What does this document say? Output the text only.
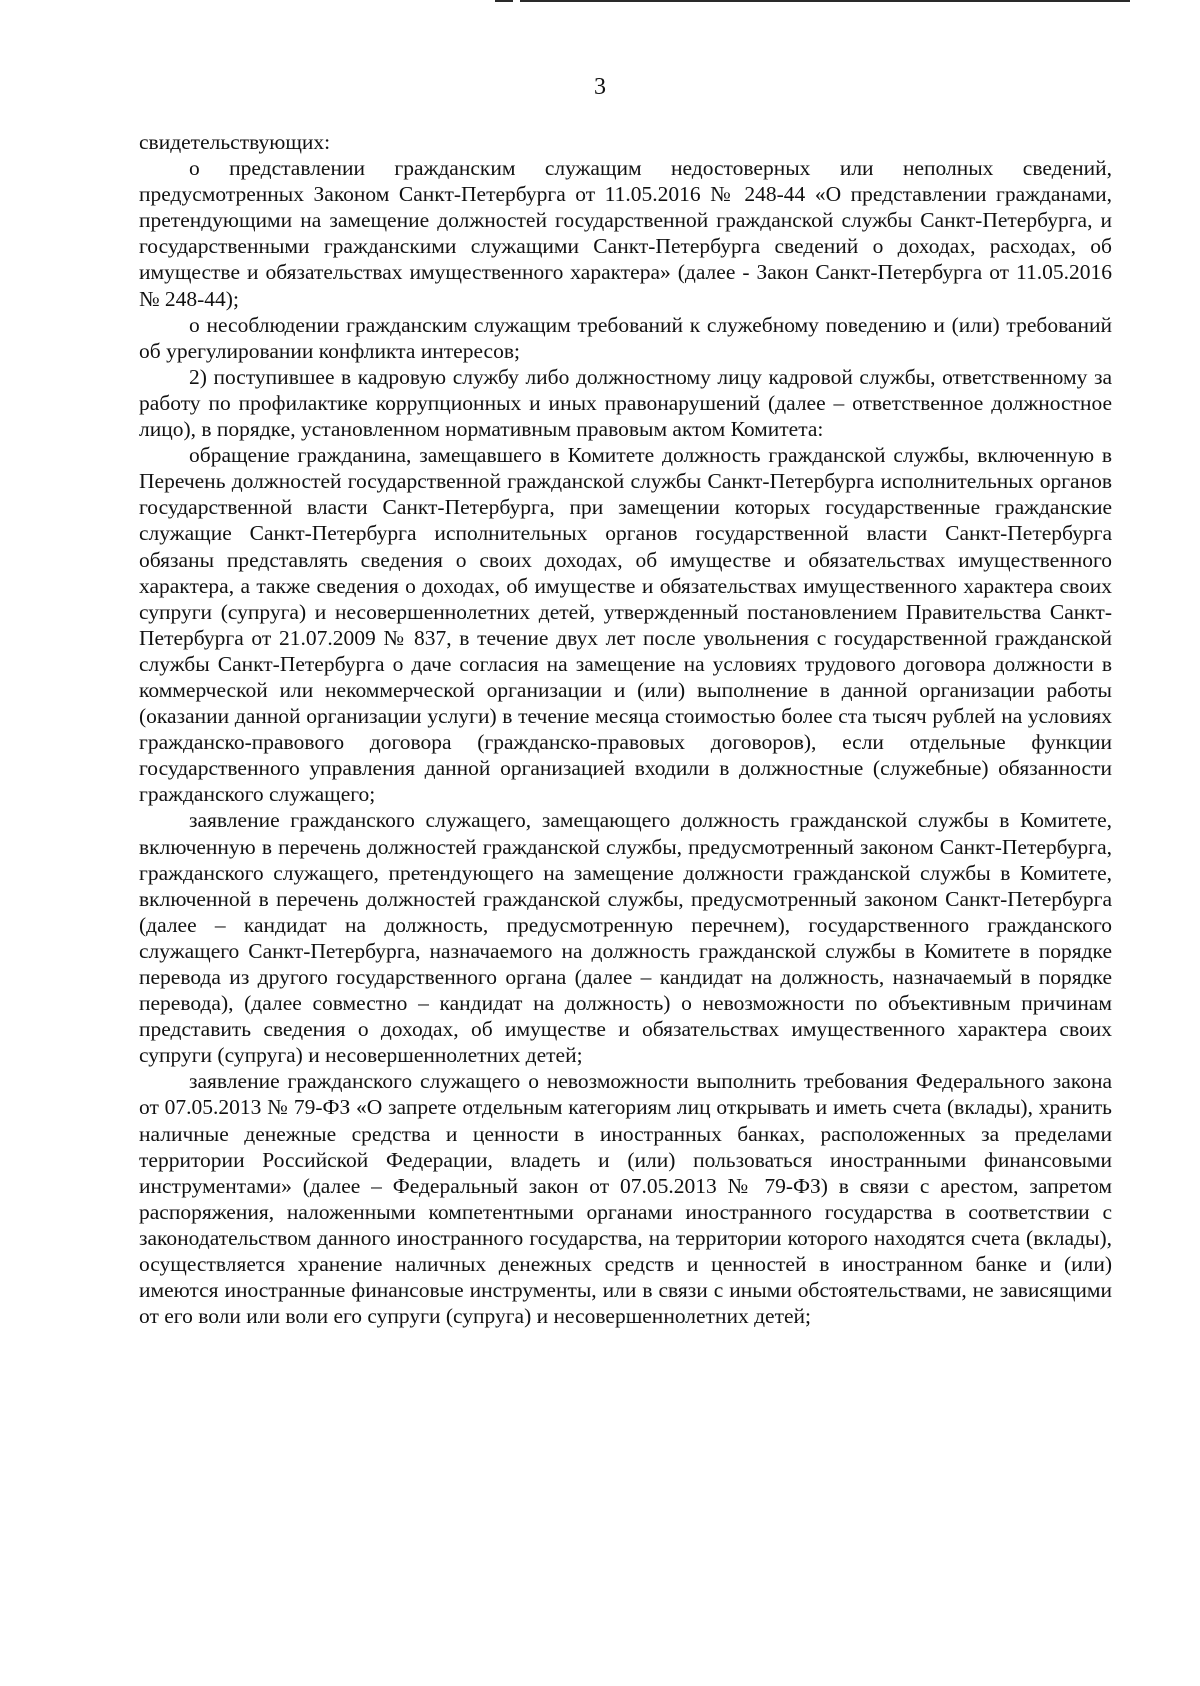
3

свидетельствующих:

о представлении гражданским служащим недостоверных или неполных сведений, предусмотренных Законом Санкт-Петербурга от 11.05.2016 № 248-44 «О представлении гражданами, претендующими на замещение должностей государственной гражданской службы Санкт-Петербурга, и государственными гражданскими служащими Санкт-Петербурга сведений о доходах, расходах, об имуществе и обязательствах имущественного характера» (далее - Закон Санкт-Петербурга от 11.05.2016 № 248-44);

о несоблюдении гражданским служащим требований к служебному поведению и (или) требований об урегулировании конфликта интересов;

2) поступившее в кадровую службу либо должностному лицу кадровой службы, ответственному за работу по профилактике коррупционных и иных правонарушений (далее – ответственное должностное лицо), в порядке, установленном нормативным правовым актом Комитета:

обращение гражданина, замещавшего в Комитете должность гражданской службы, включенную в Перечень должностей государственной гражданской службы Санкт-Петербурга исполнительных органов государственной власти Санкт-Петербурга, при замещении которых государственные гражданские служащие Санкт-Петербурга исполнительных органов государственной власти Санкт-Петербурга обязаны представлять сведения о своих доходах, об имуществе и обязательствах имущественного характера, а также сведения о доходах, об имуществе и обязательствах имущественного характера своих супруги (супруга) и несовершеннолетних детей, утвержденный постановлением Правительства Санкт-Петербурга от 21.07.2009 № 837, в течение двух лет после увольнения с государственной гражданской службы Санкт-Петербурга о даче согласия на замещение на условиях трудового договора должности в коммерческой или некоммерческой организации и (или) выполнение в данной организации работы (оказании данной организации услуги) в течение месяца стоимостью более ста тысяч рублей на условиях гражданско-правового договора (гражданско-правовых договоров), если отдельные функции государственного управления данной организацией входили в должностные (служебные) обязанности гражданского служащего;

заявление гражданского служащего, замещающего должность гражданской службы в Комитете, включенную в перечень должностей гражданской службы, предусмотренный законом Санкт-Петербурга, гражданского служащего, претендующего на замещение должности гражданской службы в Комитете, включенной в перечень должностей гражданской службы, предусмотренный законом Санкт-Петербурга (далее – кандидат на должность, предусмотренную перечнем), государственного гражданского служащего Санкт-Петербурга, назначаемого на должность гражданской службы в Комитете в порядке перевода из другого государственного органа (далее – кандидат на должность, назначаемый в порядке перевода), (далее совместно – кандидат на должность) о невозможности по объективным причинам представить сведения о доходах, об имуществе и обязательствах имущественного характера своих супруги (супруга) и несовершеннолетних детей;

заявление гражданского служащего о невозможности выполнить требования Федерального закона от 07.05.2013 № 79-ФЗ «О запрете отдельным категориям лиц открывать и иметь счета (вклады), хранить наличные денежные средства и ценности в иностранных банках, расположенных за пределами территории Российской Федерации, владеть и (или) пользоваться иностранными финансовыми инструментами» (далее – Федеральный закон от 07.05.2013 № 79-ФЗ) в связи с арестом, запретом распоряжения, наложенными компетентными органами иностранного государства в соответствии с законодательством данного иностранного государства, на территории которого находятся счета (вклады), осуществляется хранение наличных денежных средств и ценностей в иностранном банке и (или) имеются иностранные финансовые инструменты, или в связи с иными обстоятельствами, не зависящими от его воли или воли его супруги (супруга) и несовершеннолетних детей;
